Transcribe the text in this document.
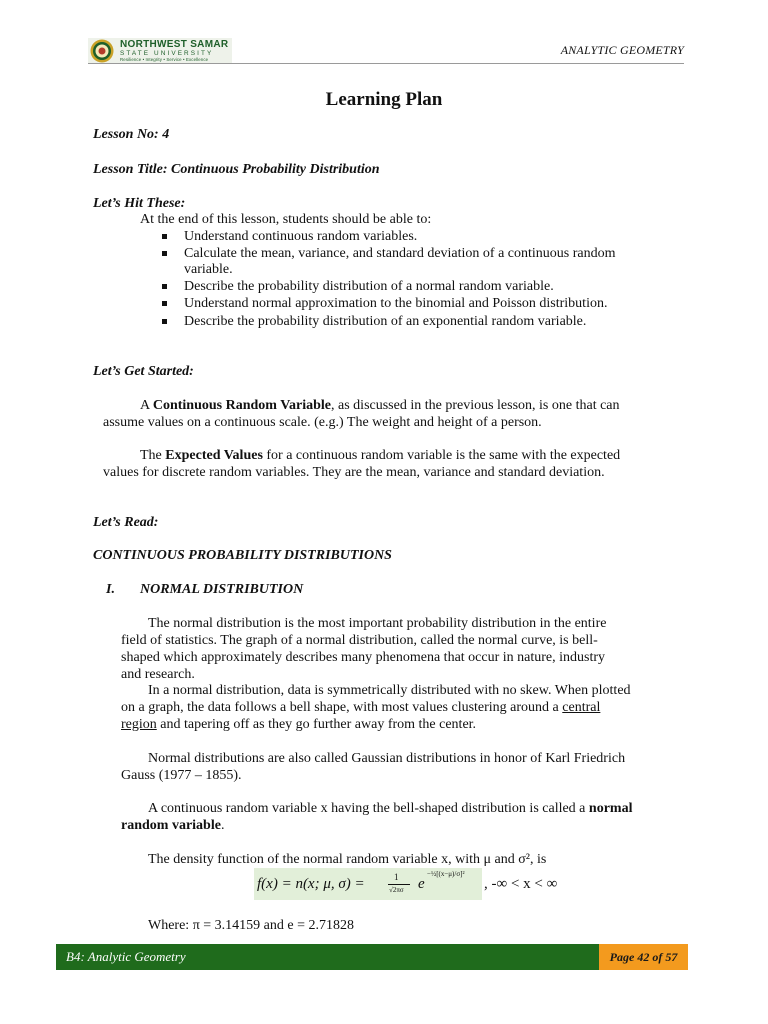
NORTHWEST SAMAR
STATE UNIVERSITY
Resilience • Integrity • Service • Excellence
ANALYTIC GEOMETRY
Learning Plan
Lesson No: 4
Lesson Title: Continuous Probability Distribution
Let’s Hit These:
At the end of this lesson, students should be able to:
Understand continuous random variables.
Calculate the mean, variance, and standard deviation of a continuous random
variable.
Describe the probability distribution of a normal random variable.
Understand normal approximation to the binomial and Poisson distribution.
Describe the probability distribution of an exponential random variable.
Let’s Get Started:
A Continuous Random Variable, as discussed in the previous lesson, is one that can
assume values on a continuous scale. (e.g.) The weight and height of a person.
The Expected Values for a continuous random variable is the same with the expected
values for discrete random variables. They are the mean, variance and standard deviation.
Let’s Read:
CONTINUOUS PROBABILITY DISTRIBUTIONS
I. NORMAL DISTRIBUTION
The normal distribution is the most important probability distribution in the entire
field of statistics. The graph of a normal distribution, called the normal curve, is bell-
shaped which approximately describes many phenomena that occur in nature, industry
and research.
In a normal distribution, data is symmetrically distributed with no skew. When plotted
on a graph, the data follows a bell shape, with most values clustering around a central
region and tapering off as they go further away from the center.
Normal distributions are also called Gaussian distributions in honor of Karl Friedrich
Gauss (1977 – 1855).
A continuous random variable x having the bell-shaped distribution is called a normal
random variable.
The density function of the normal random variable x, with μ and σ², is
f(x) = n(x; μ, σ) =	1
√2πσ e
−½[(x−μ)/σ]²
, -∞ < x < ∞
Where: π = 3.14159 and e = 2.71828
B4: Analytic Geometry	Page 42 of 57
